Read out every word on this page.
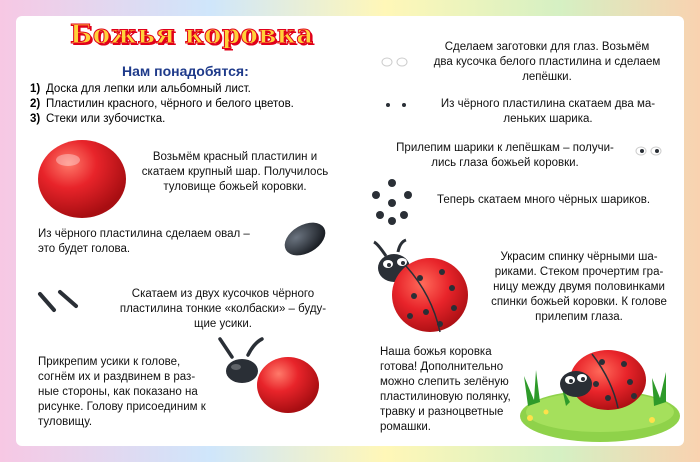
Божья коровка
Нам понадобятся:
1) Доска для лепки или альбомный лист.
2) Пластилин красного, чёрного и белого цветов.
3) Стеки или зубочистка.

Возьмём красный пластилин и
скатаем крупный шар. Получилось
туловище божьей коровки.

Из чёрного пластилина сделаем овал –
это будет голова.

Скатаем из двух кусочков чёрного
пластилина тонкие «колбаски» – буду-
щие усики.

Прикрепим усики к голове,
согнём их и раздвинем в раз-
ные стороны, как показано на
рисунке. Голову присоединим к
туловищу.

Сделаем заготовки для глаз. Возьмём
два кусочка белого пластилина и сделаем
лепёшки.

Из чёрного пластилина скатаем два ма-
леньких шарика.

Прилепим шарики к лепёшкам – получи-
лись глаза божьей коровки.

Теперь скатаем много чёрных шариков.

Украсим спинку чёрными ша-
риками. Стеком прочертим гра-
ницу между двумя половинками
спинки божьей коровки. К голове
прилепим глаза.

Наша божья коровка
готова! Дополнительно
можно слепить зелёную
пластилиновую полянку,
травку и разноцветные
ромашки.
